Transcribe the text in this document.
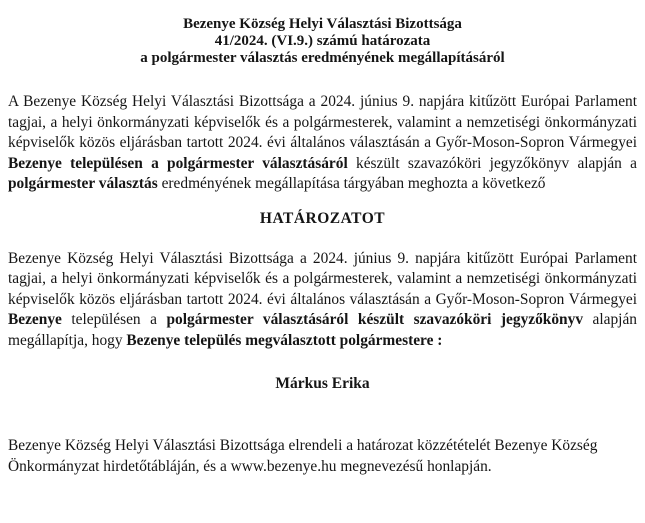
Bezenye Község Helyi Választási Bizottsága
41/2024. (VI.9.) számú határozata
a polgármester választás eredményének megállapításáról

A Bezenye Község Helyi Választási Bizottsága a 2024. június 9. napjára kitűzött Európai Parlament tagjai, a helyi önkormányzati képviselők és a polgármesterek, valamint a nemzetiségi önkormányzati képviselők közös eljárásban tartott 2024. évi általános választásán a Győr-Moson-Sopron Vármegyei Bezenye településen a polgármester választásáról készült szavazóköri jegyzőkönyv alapján a polgármester választás eredményének megállapítása tárgyában meghozta a következő

HATÁROZATOT

Bezenye Község Helyi Választási Bizottsága a 2024. június 9. napjára kitűzött Európai Parlament tagjai, a helyi önkormányzati képviselők és a polgármesterek, valamint a nemzetiségi önkormányzati képviselők közös eljárásban tartott 2024. évi általános választásán a Győr-Moson-Sopron Vármegyei Bezenye településen a polgármester választásáról készült szavazóköri jegyzőkönyv alapján megállapítja, hogy Bezenye település megválasztott polgármestere :

Márkus Erika

Bezenye Község Helyi Választási Bizottsága elrendeli a határozat közzétételét Bezenye Község Önkormányzat hirdetőtábláján, és a www.bezenye.hu megnevezésű honlapján.
